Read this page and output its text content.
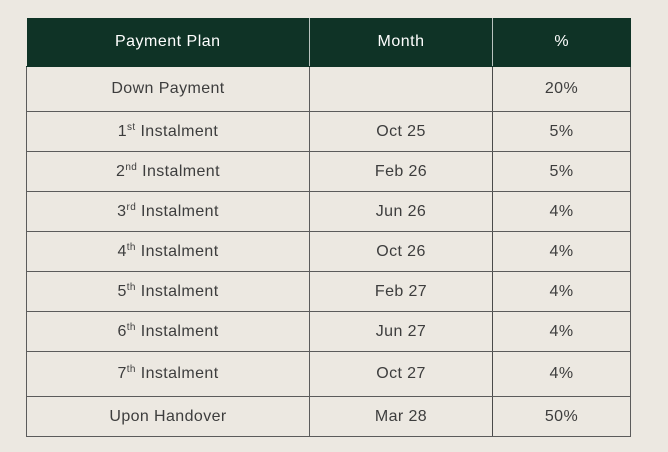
Payment Plan	Month	%
Down Payment		20%
1st Instalment	Oct 25	5%
2nd Instalment	Feb 26	5%
3rd Instalment	Jun 26	4%
4th Instalment	Oct 26	4%
5th Instalment	Feb 27	4%
6th Instalment	Jun 27	4%
7th Instalment	Oct 27	4%
Upon Handover	Mar 28	50%
